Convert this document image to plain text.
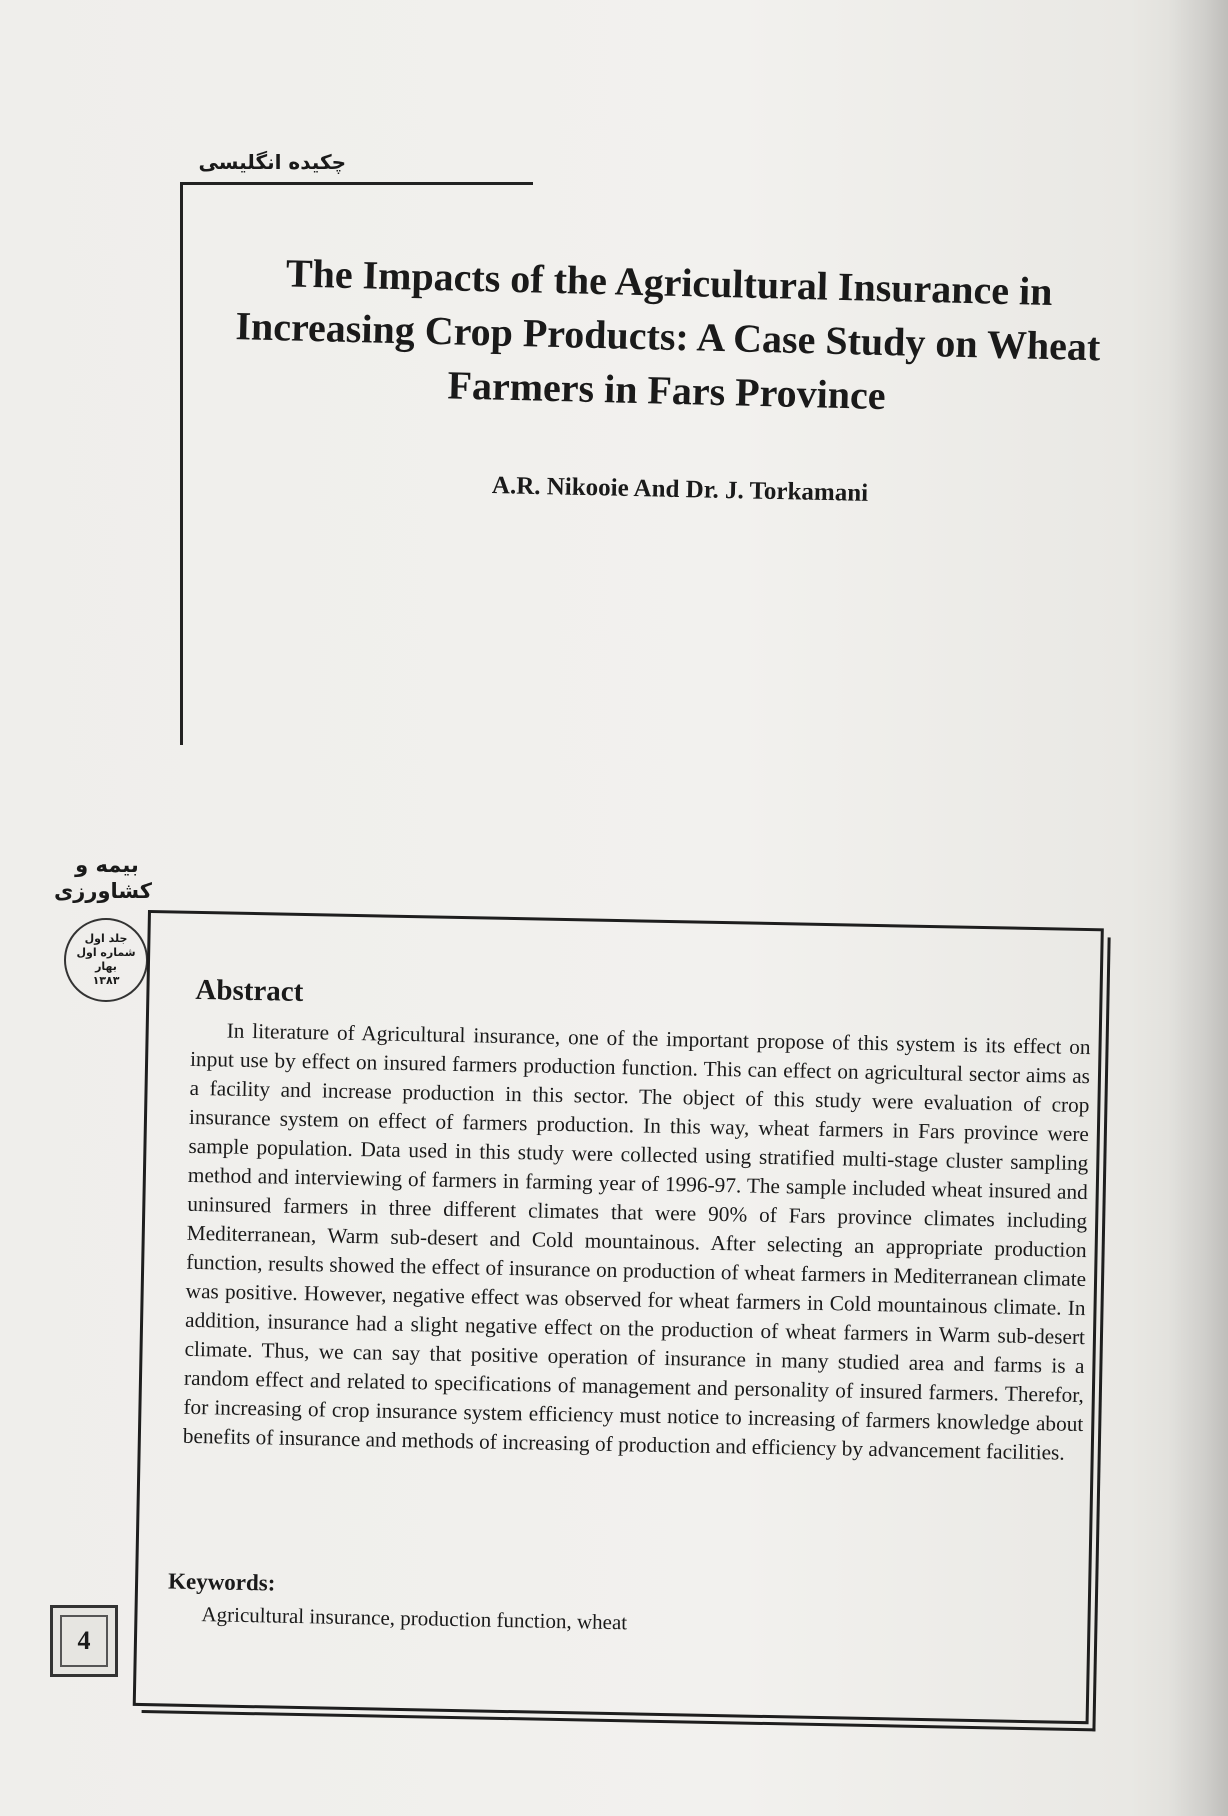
چکیده انگلیسی
The Impacts of the Agricultural Insurance in Increasing Crop Products: A Case Study on Wheat Farmers in Fars Province
A.R. Nikooie And Dr. J. Torkamani
بیمه و
کشاورزی
جلد اول
شماره اول
بهار
۱۳۸۳	Abstract

In literature of Agricultural insurance, one of the important propose of this system is its effect on input use by effect on insured farmers production function. This can effect on agricultural sector aims as a facility and increase production in this sector. The object of this study were evaluation of crop insurance system on effect of farmers production. In this way, wheat farmers in Fars province were sample population. Data used in this study were collected using stratified multi-stage cluster sampling method and interviewing of farmers in farming year of 1996-97. The sample included wheat insured and uninsured farmers in three different climates that were 90% of Fars province climates including Mediterranean, Warm sub-desert and Cold mountainous. After selecting an appropriate production function, results showed the effect of insurance on production of wheat farmers in Mediterranean climate was positive. However, negative effect was observed for wheat farmers in Cold mountainous climate. In addition, insurance had a slight negative effect on the production of wheat farmers in Warm sub-desert climate. Thus, we can say that positive operation of insurance in many studied area and farms is a random effect and related to specifications of management and personality of insured farmers. Therefor, for increasing of crop insurance system efficiency must notice to increasing of farmers knowledge about benefits of insurance and methods of increasing of production and efficiency by advancement facilities.

Keywords:
Agricultural insurance, production function, wheat
4
